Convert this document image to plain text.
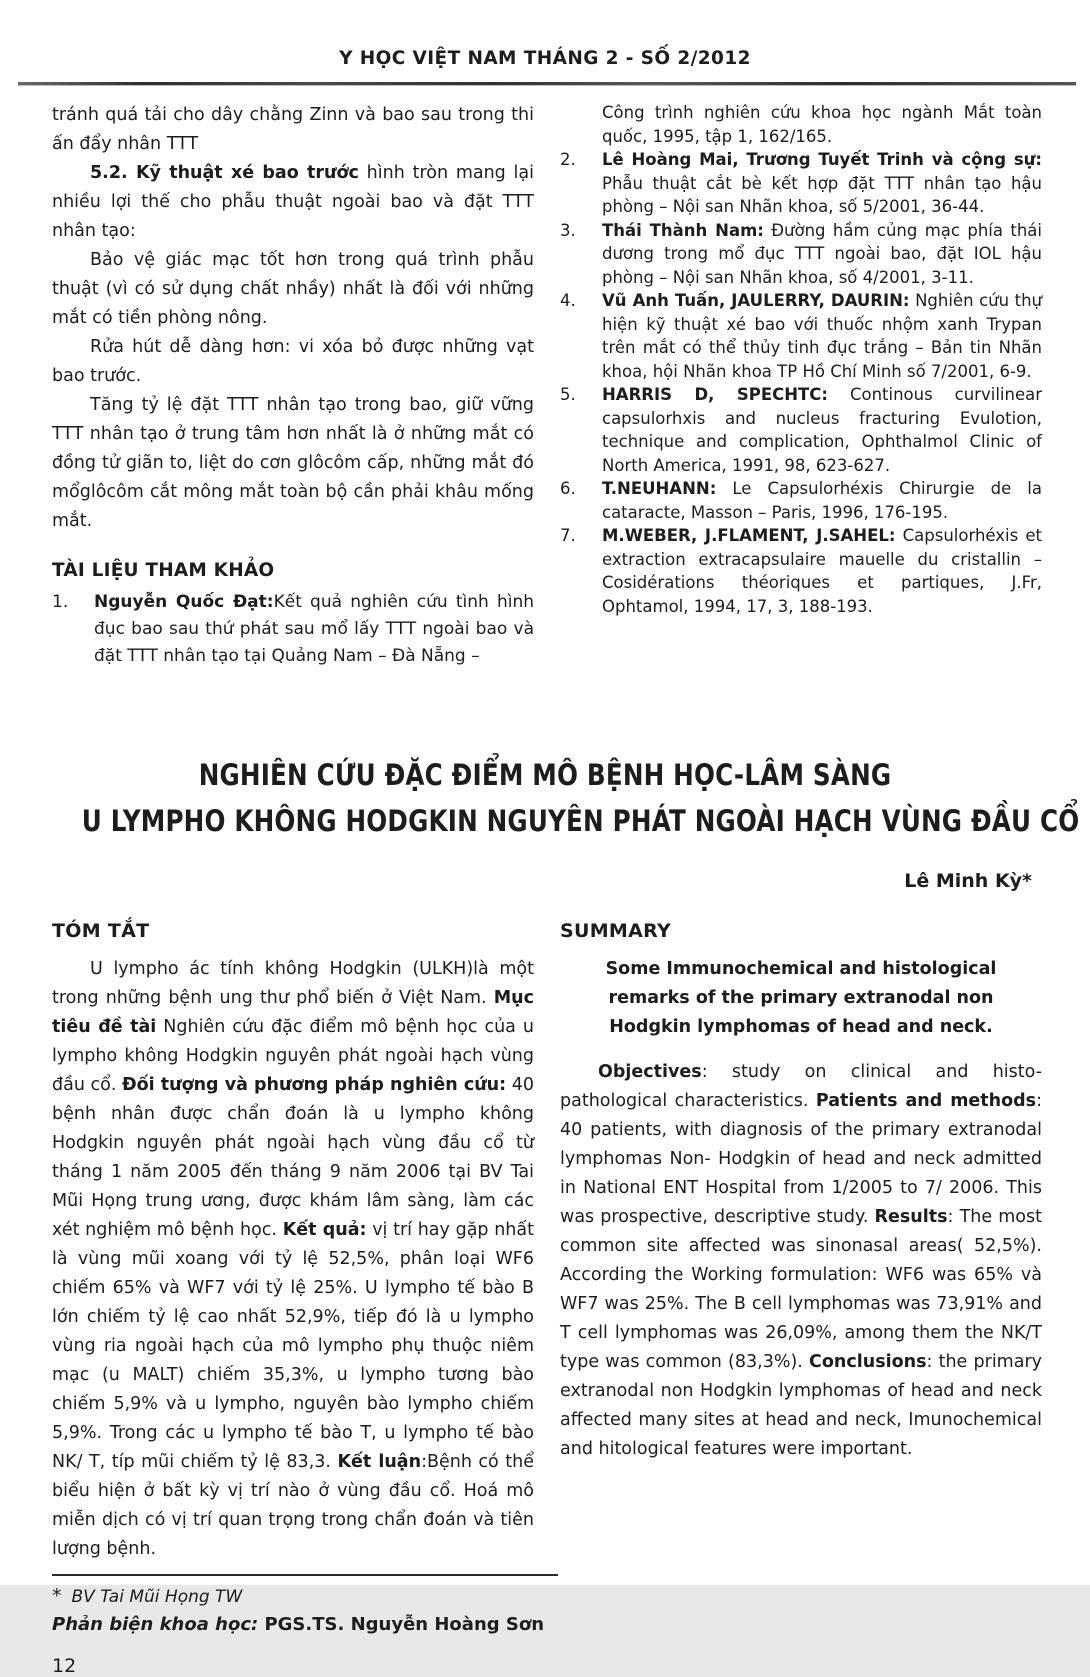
Y HỌC VIỆT NAM THÁNG 2 - SỐ 2/2012

tránh quá tải cho dây chằng Zinn và bao sau trong thi ấn đẩy nhân TTT

5.2. Kỹ thuật xé bao trước hình tròn mang lại nhiều lợi thế cho phẫu thuật ngoài bao và đặt TTT nhân tạo:

Bảo vệ giác mạc tốt hơn trong quá trình phẫu thuật (vì có sử dụng chất nhầy) nhất là đối với những mắt có tiền phòng nông.

Rửa hút dễ dàng hơn: vi xóa bỏ được những vạt bao trước.

Tăng tỷ lệ đặt TTT nhân tạo trong bao, giữ vững TTT nhân tạo ở trung tâm hơn nhất là ở những mắt có đồng tử giãn to, liệt do cơn glôcôm cấp, những mắt đó mổglôcôm cắt mông mắt toàn bộ cần phải khâu mống mắt.

TÀI LIỆU THAM KHẢO
1.	Nguyễn Quốc Đạt:Kết quả nghiên cứu tình hình đục bao sau thứ phát sau mổ lấy TTT ngoài bao và đặt TTT nhân tạo tại Quảng Nam – Đà Nẵng –

Công trình nghiên cứu khoa học ngành Mắt toàn quốc, 1995, tập 1, 162/165.

2.	Lê Hoàng Mai, Trương Tuyết Trinh và cộng sự: Phẫu thuật cắt bè kết hợp đặt TTT nhân tạo hậu phòng – Nội san Nhãn khoa, số 5/2001, 36-44.
3.	Thái Thành Nam: Đường hầm củng mạc phía thái dương trong mổ đục TTT ngoài bao, đặt IOL hậu phòng – Nội san Nhãn khoa, số 4/2001, 3-11.
4.	Vũ Anh Tuấn, JAULERRY, DAURIN: Nghiên cứu thự hiện kỹ thuật xé bao với thuốc nhộm xanh Trypan trên mắt có thể thủy tinh đục trắng – Bản tin Nhãn khoa, hội Nhãn khoa TP Hồ Chí Minh số 7/2001, 6-9.
5.	HARRIS D, SPECHTC: Continous curvilinear capsulorhxis and nucleus fracturing Evulotion, technique and complication, Ophthalmol Clinic of North America, 1991, 98, 623-627.
6.	T.NEUHANN: Le Capsulorhéxis Chirurgie de la cataracte, Masson – Paris, 1996, 176-195.
7.	M.WEBER, J.FLAMENT, J.SAHEL: Capsulorhéxis et extraction extracapsulaire mauelle du cristallin – Cosidérations théoriques et partiques, J.Fr, Ophtamol, 1994, 17, 3, 188-193.
NGHIÊN CỨU ĐẶC ĐIỂM MÔ BỆNH HỌC-LÂM SÀNG
U LYMPHO KHÔNG HODGKIN NGUYÊN PHÁT NGOÀI HẠCH VÙNG ĐẦU CỔ
Lê Minh Kỳ*
TÓM TẮT

U lympho ác tính không Hodgkin (ULKH)là một trong những bệnh ung thư phổ biến ở Việt Nam. Mục tiêu đề tài Nghiên cứu đặc điểm mô bệnh học của u lympho không Hodgkin nguyên phát ngoài hạch vùng đầu cổ. Đối tượng và phương pháp nghiên cứu: 40 bệnh nhân được chẩn đoán là u lympho không Hodgkin nguyên phát ngoài hạch vùng đầu cổ từ tháng 1 năm 2005 đến tháng 9 năm 2006 tại BV Tai Mũi Họng trung ương, được khám lâm sàng, làm các xét nghiệm mô bệnh học. Kết quả: vị trí hay gặp nhất là vùng mũi xoang với tỷ lệ 52,5%, phân loại WF6 chiếm 65% và WF7 với tỷ lệ 25%. U lympho tế bào B lớn chiếm tỷ lệ cao nhất 52,9%, tiếp đó là u lympho vùng ria ngoài hạch của mô lympho phụ thuộc niêm mạc (u MALT) chiếm 35,3%, u lympho tương bào chiếm 5,9% và u lympho, nguyên bào lympho chiếm 5,9%. Trong các u lympho tế bào T, u lympho tế bào NK/ T, típ mũi chiếm tỷ lệ 83,3. Kết luận:Bệnh có thể biểu hiện ở bất kỳ vị trí nào ở vùng đầu cổ. Hoá mô miễn dịch có vị trí quan trọng trong chẩn đoán và tiên lượng bệnh.

* BV Tai Mũi Họng TW
Phản biện khoa học: PGS.TS. Nguyễn Hoàng Sơn
12
SUMMARY

Some Immunochemical and histological remarks of the primary extranodal non Hodgkin lymphomas of head and neck.

Objectives: study on clinical and histo-pathological characteristics. Patients and methods: 40 patients, with diagnosis of the primary extranodal lymphomas Non- Hodgkin of head and neck admitted in National ENT Hospital from 1/2005 to 7/ 2006. This was prospective, descriptive study. Results: The most common site affected was sinonasal areas( 52,5%). According the Working formulation: WF6 was 65% và WF7 was 25%. The B cell lymphomas was 73,91% and T cell lymphomas was 26,09%, among them the NK/T type was common (83,3%). Conclusions: the primary extranodal non Hodgkin lymphomas of head and neck affected many sites at head and neck, Imunochemical and hitological features were important.
